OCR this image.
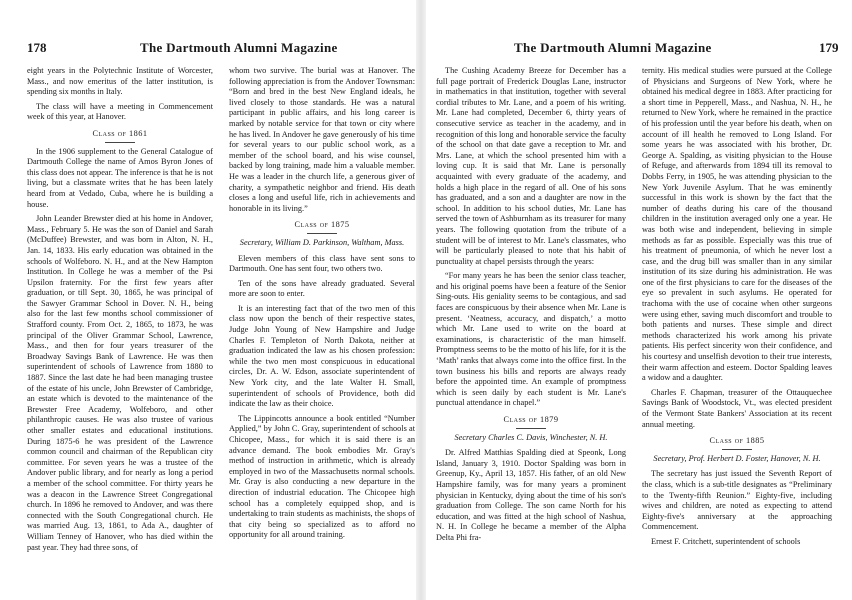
178	The Dartmouth Alumni Magazine

eight years in the Polytechnic Institute of Worcester, Mass., and now emeritus of the latter institution, is spending six months in Italy.

The class will have a meeting in Commencement week of this year, at Hanover.

Class of 1861

In the 1906 supplement to the General Catalogue of Dartmouth College the name of Amos Byron Jones of this class does not appear. The inference is that he is not living, but a classmate writes that he has been lately heard from at Vedado, Cuba, where he is building a house.

John Leander Brewster died at his home in Andover, Mass., February 5. He was the son of Daniel and Sarah (McDuffee) Brewster, and was born in Alton, N. H., Jan. 14, 1833. His early education was obtained in the schools of Wolfeboro. N. H., and at the New Hampton Institution. In College he was a member of the Psi Upsilon fraternity. For the first few years after graduation, or till Sept. 30, 1865, he was principal of the Sawyer Grammar School in Dover. N. H., being also for the last few months school commissioner of Strafford county. From Oct. 2, 1865, to 1873, he was principal of the Oliver Grammar School, Lawrence, Mass., and then for four years treasurer of the Broadway Savings Bank of Lawrence. He was then superintendent of schools of Lawrence from 1880 to 1887. Since the last date he had been managing trustee of the estate of his uncle, John Brewster of Cambridge, an estate which is devoted to the maintenance of the Brewster Free Academy, Wolfeboro, and other philanthropic causes. He was also trustee of various other smaller estates and educational institutions. During 1875-6 he was president of the Lawrence common council and chairman of the Republican city committee. For seven years he was a trustee of the Andover public library, and for nearly as long a period a member of the school committee. For thirty years he was a deacon in the Lawrence Street Congregational church. In 1896 he removed to Andover, and was there connected with the South Congregational church. He was married Aug. 13, 1861, to Ada A., daughter of William Tenney of Hanover, who has died within the past year. They had three sons, of

whom two survive. The burial was at Hanover. The following appreciation is from the Andover Townsman: “Born and bred in the best New England ideals, he lived closely to those standards. He was a natural participant in public affairs, and his long career is marked by notable service for that town or city where he has lived. In Andover he gave generously of his time for several years to our public school work, as a member of the school board, and his wise counsel, backed by long training, made him a valuable member. He was a leader in the church life, a generous giver of charity, a sympathetic neighbor and friend. His death closes a long and useful life, rich in achievements and honorable in its living.”

Class of 1875

Secretary, William D. Parkinson, Waltham, Mass.

Eleven members of this class have sent sons to Dartmouth. One has sent four, two others two.

Ten of the sons have already graduated. Several more are soon to enter.

It is an interesting fact that of the two men of this class now upon the bench of their respective states, Judge John Young of New Hampshire and Judge Charles F. Templeton of North Dakota, neither at graduation indicated the law as his chosen profession: while the two men most conspicuous in educational circles, Dr. A. W. Edson, associate superintendent of New York city, and the late Walter H. Small, superintendent of schools of Providence, both did indicate the law as their choice.

The Lippincotts announce a book entitled “Number Applied,” by John C. Gray, superintendent of schools at Chicopee, Mass., for which it is said there is an advance demand. The book embodies Mr. Gray's method of instruction in arithmetic, which is already employed in two of the Massachusetts normal schools. Mr. Gray is also conducting a new departure in the direction of industrial education. The Chicopee high school has a completely equipped shop, and is undertaking to train students as machinists, the shops of that city being so specialized as to afford no opportunity for all around training.

The Dartmouth Alumni Magazine	179

The Cushing Academy Breeze for December has a full page portrait of Frederick Douglas Lane, instructor in mathematics in that institution, together with several cordial tributes to Mr. Lane, and a poem of his writing. Mr. Lane had completed, December 6, thirty years of consecutive service as teacher in the academy, and in recognition of this long and honorable service the faculty of the school on that date gave a reception to Mr. and Mrs. Lane, at which the school presented him with a loving cup. It is said that Mr. Lane is personally acquainted with every graduate of the academy, and holds a high place in the regard of all. One of his sons has graduated, and a son and a daughter are now in the school. In addition to his school duties, Mr. Lane has served the town of Ashburnham as its treasurer for many years. The following quotation from the tribute of a student will be of interest to Mr. Lane's classmates, who will be particularly pleased to note that his habit of punctuality at chapel persists through the years:

“For many years he has been the senior class teacher, and his original poems have been a feature of the Senior Sing-outs. His geniality seems to be contagious, and sad faces are conspicuous by their absence when Mr. Lane is present. ‘Neatness, accuracy, and dispatch,’ a motto which Mr. Lane used to write on the board at examinations, is characteristic of the man himself. Promptness seems to be the motto of his life, for it is the ‘Math’ ranks that always come into the office first. In the town business his bills and reports are always ready before the appointed time. An example of promptness which is seen daily by each student is Mr. Lane's punctual attendance in chapel.”

Class of 1879

Secretary Charles C. Davis, Winchester, N. H.

Dr. Alfred Matthias Spalding died at Speonk, Long Island, January 3, 1910. Doctor Spalding was born in Greenup, Ky., April 13, 1857. His father, of an old New Hampshire family, was for many years a prominent physician in Kentucky, dying about the time of his son's graduation from College. The son came North for his education, and was fitted at the high school of Nashua, N. H. In College he became a member of the Alpha Delta Phi fra-

ternity. His medical studies were pursued at the College of Physicians and Surgeons of New York, where he obtained his medical degree in 1883. After practicing for a short time in Pepperell, Mass., and Nashua, N. H., he returned to New York, where he remained in the practice of his profession until the year before his death, when on account of ill health he removed to Long Island. For some years he was associated with his brother, Dr. George A. Spalding, as visiting physician to the House of Refuge, and afterwards from 1894 till its removal to Dobbs Ferry, in 1905, he was attending physician to the New York Juvenile Asylum. That he was eminently successful in this work is shown by the fact that the number of deaths during his care of the thousand children in the institution averaged only one a year. He was both wise and independent, believing in simple methods as far as possible. Especially was this true of his treatment of pneumonia, of which he never lost a case, and the drug bill was smaller than in any similar institution of its size during his administration. He was one of the first physicians to care for the diseases of the eye so prevalent in such asylums. He operated for trachoma with the use of cocaine when other surgeons were using ether, saving much discomfort and trouble to both patients and nurses. These simple and direct methods characterized his work among his private patients. His perfect sincerity won their confidence, and his courtesy and unselfish devotion to their true interests, their warm affection and esteem. Doctor Spalding leaves a widow and a daughter.

Charles F. Chapman, treasurer of the Ottauquechee Savings Bank of Woodstock, Vt., was elected president of the Vermont State Bankers' Association at its recent annual meeting.

Class of 1885

Secretary, Prof. Herbert D. Foster, Hanover, N. H.

The secretary has just issued the Seventh Report of the class, which is a sub-title designates as “Preliminary to the Twenty-fifth Reunion.” Eighty-five, including wives and children, are noted as expecting to attend Eighty-five's anniversary at the approaching Commencement.

Ernest F. Critchett, superintendent of schools
